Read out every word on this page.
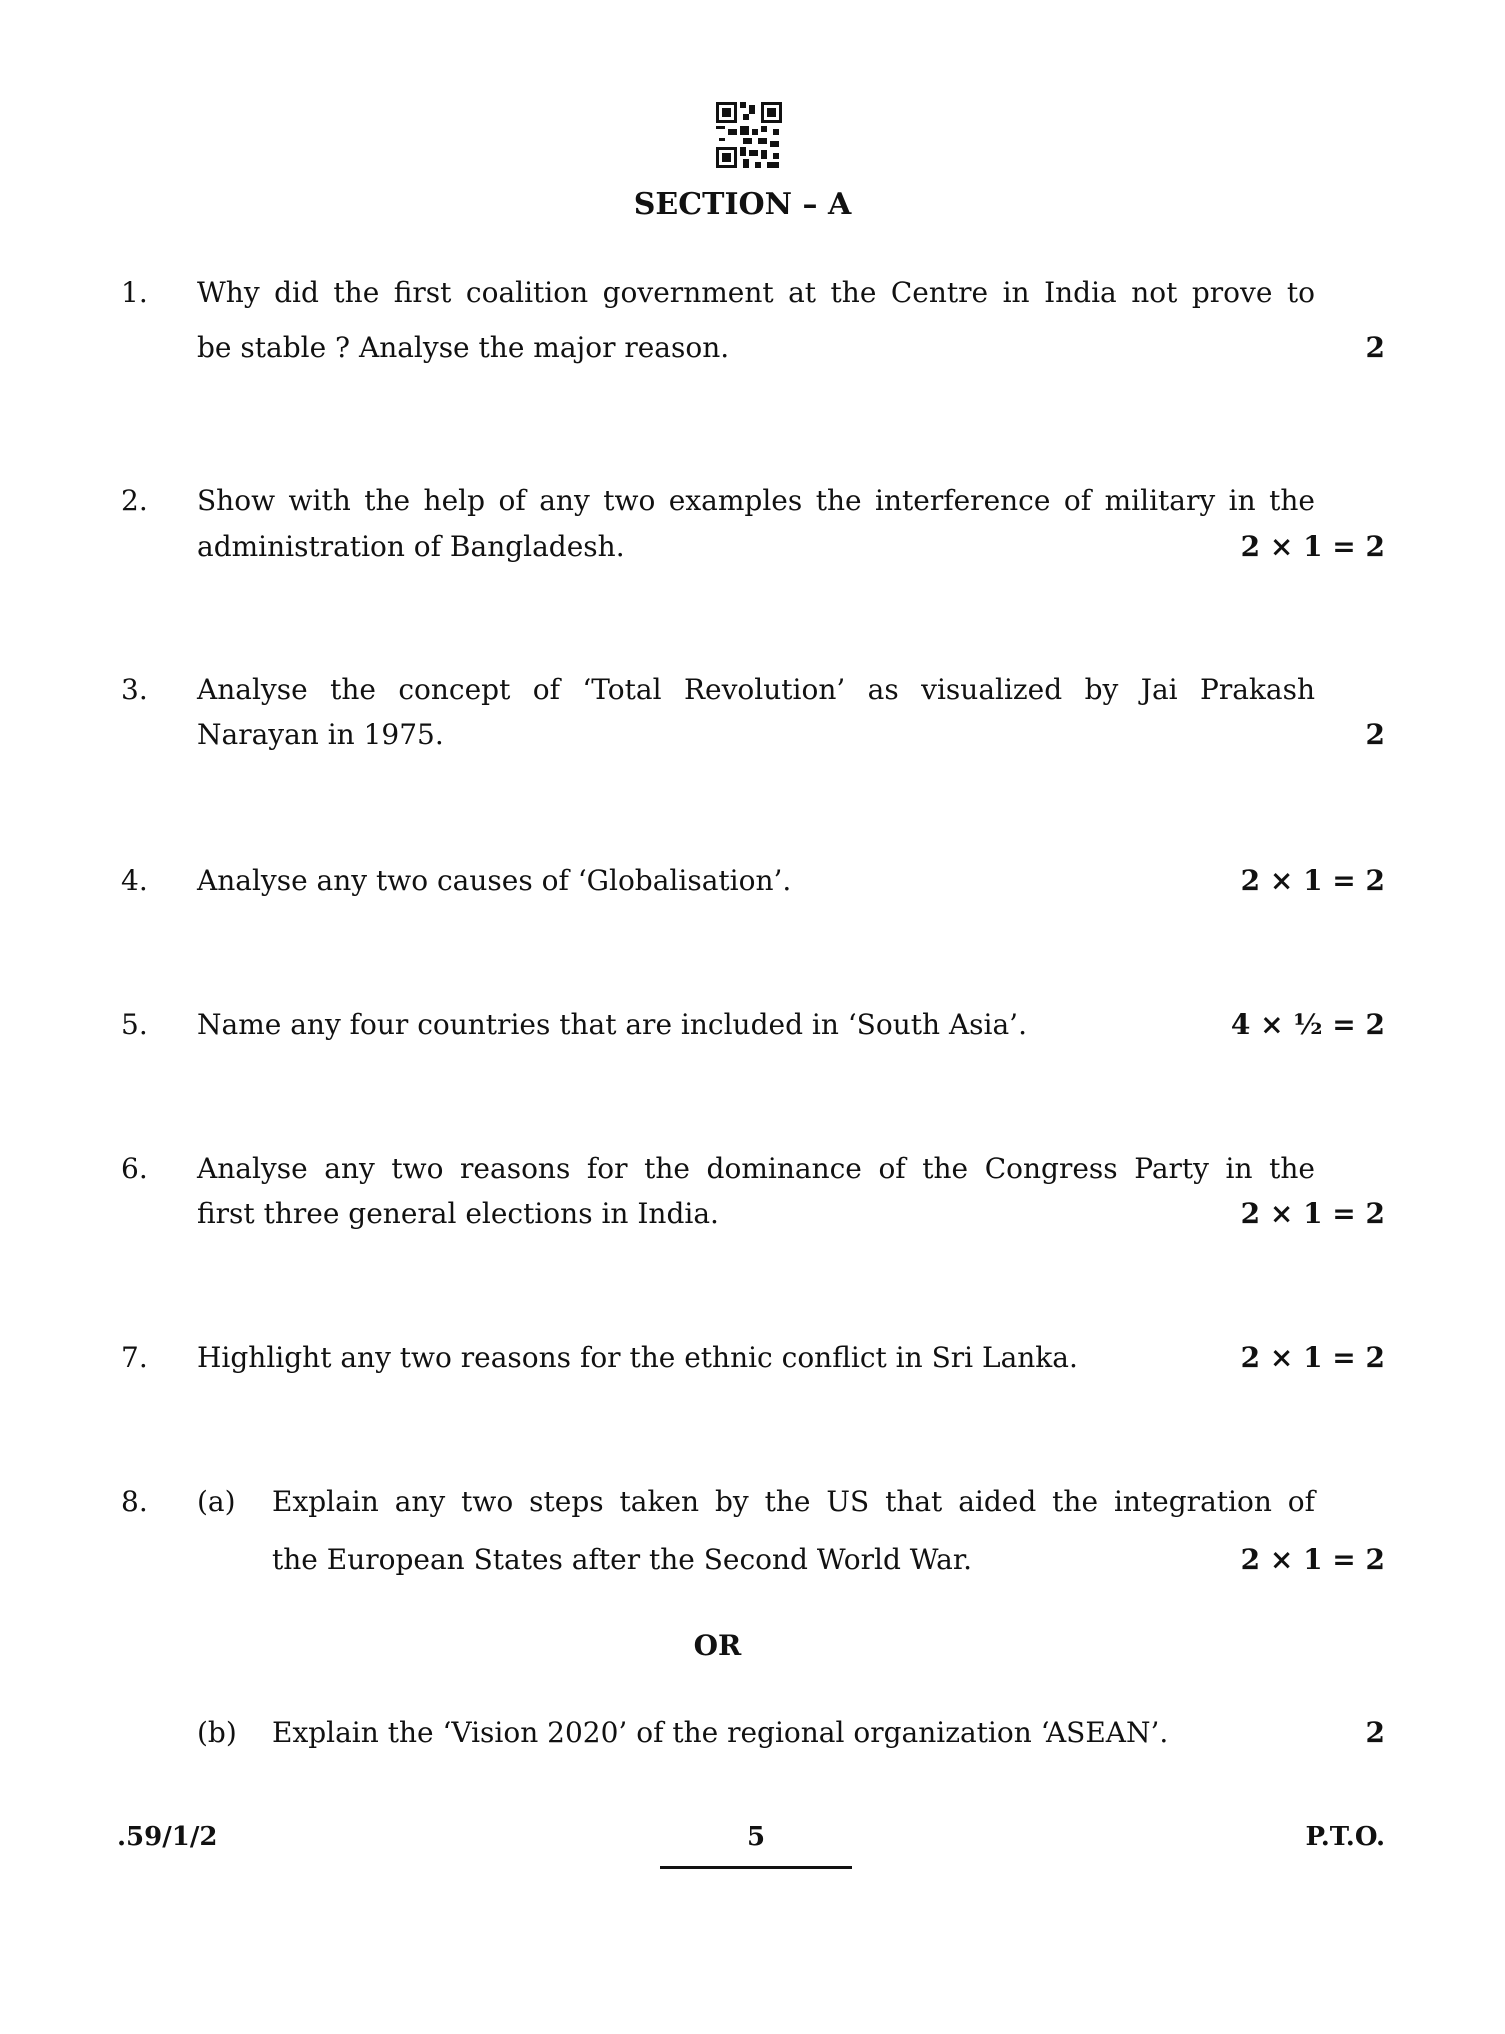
SECTION – A
1. Why did the first coalition government at the Centre in India not prove to
be stable ? Analyse the major reason.	2
2. Show with the help of any two examples the interference of military in the
administration of Bangladesh.	2 × 1 = 2
3. Analyse the concept of ‘Total Revolution’ as visualized by Jai Prakash
Narayan in 1975.	2
4. Analyse any two causes of ‘Globalisation’.	2 × 1 = 2
5. Name any four countries that are included in ‘South Asia’.	4 × ½ = 2
6. Analyse any two reasons for the dominance of the Congress Party in the
first three general elections in India.	2 × 1 = 2
7. Highlight any two reasons for the ethnic conflict in Sri Lanka.	2 × 1 = 2
8. (a) Explain any two steps taken by the US that aided the integration of
the European States after the Second World War.	2 × 1 = 2
OR
(b) Explain the ‘Vision 2020’ of the regional organization ‘ASEAN’.	2
.59/1/2	5	P.T.O.
